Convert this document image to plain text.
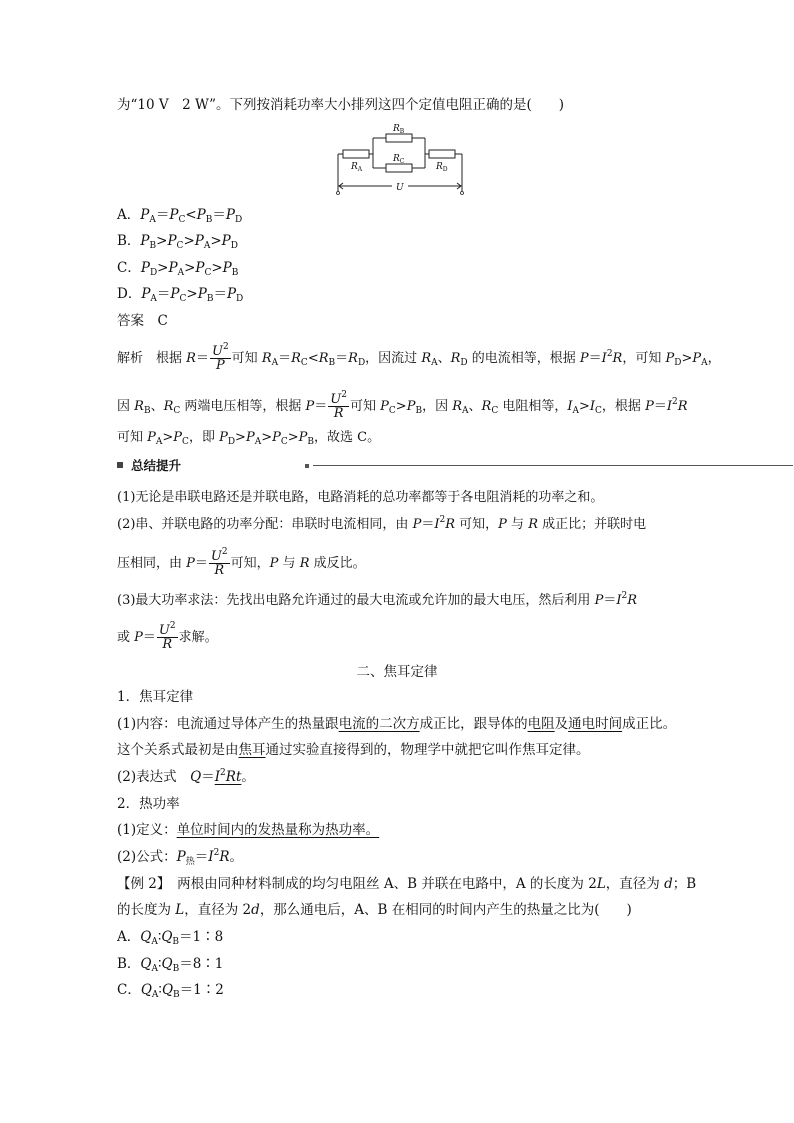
为“10 V　2 W”。下列按消耗功率大小排列这四个定值电阻正确的是(　　)
$R_B$
$R_C$
$R_A$	$R_D$
U
A．$P_A=P_C<P_B=P_D$
B．$P_B>P_C>P_A>P_D$
C．$P_D>P_A>P_C>P_B$
D．$P_A=P_C>P_B=P_D$
答案　C
解析　根据 $R= \frac{U^2}{P}$ 可知 $R_A=R_C<R_B=R_D$，因流过 $R_A$、$R_D$ 的电流相等，根据 $P=I^2R$，可知 $P_D>P_A$，
因 $R_B$、$R_C$ 两端电压相等，根据 $P= \frac{U^2}{R}$ 可知 $P_C>P_B$，因 $R_A$、$R_C$ 电阻相等，$I_A>I_C$，根据 $P=I^2R$
可知 $P_A>P_C$，即 $P_D>P_A>P_C>P_B$，故选 C。
总结提升
(1)无论是串联电路还是并联电路，电路消耗的总功率都等于各电阻消耗的功率之和。
(2)串、并联电路的功率分配：串联时电流相同，由 $P=I^2R$ 可知，P 与 R 成正比；并联时电
压相同，由 $P= \frac{U^2}{R}$ 可知，P 与 R 成反比。
(3)最大功率求法：先找出电路允许通过的最大电流或允许加的最大电压，然后利用 $P=I^2R$
或 $P= \frac{U^2}{R}$ 求解。
二、焦耳定律
1．焦耳定律
(1)内容：电流通过导体产生的热量跟电流的二次方成正比，跟导体的电阻及通电时间成正比。
这个关系式最初是由焦耳通过实验直接得到的，物理学中就把它叫作焦耳定律。
(2)表达式　$Q=I^2Rt$。
2．热功率
(1)定义：单位时间内的发热量称为热功率。
(2)公式：$P_热=I^2R$。
【例 2】　两根由同种材料制成的均匀电阻丝 A、B 并联在电路中，A 的长度为 2L，直径为 d；B
的长度为 L，直径为 2d，那么通电后，A、B 在相同的时间内产生的热量之比为(　　)
A．$Q_A∶Q_B=1∶8$
B．$Q_A∶Q_B=8∶1$
C．$Q_A∶Q_B=1∶2$
